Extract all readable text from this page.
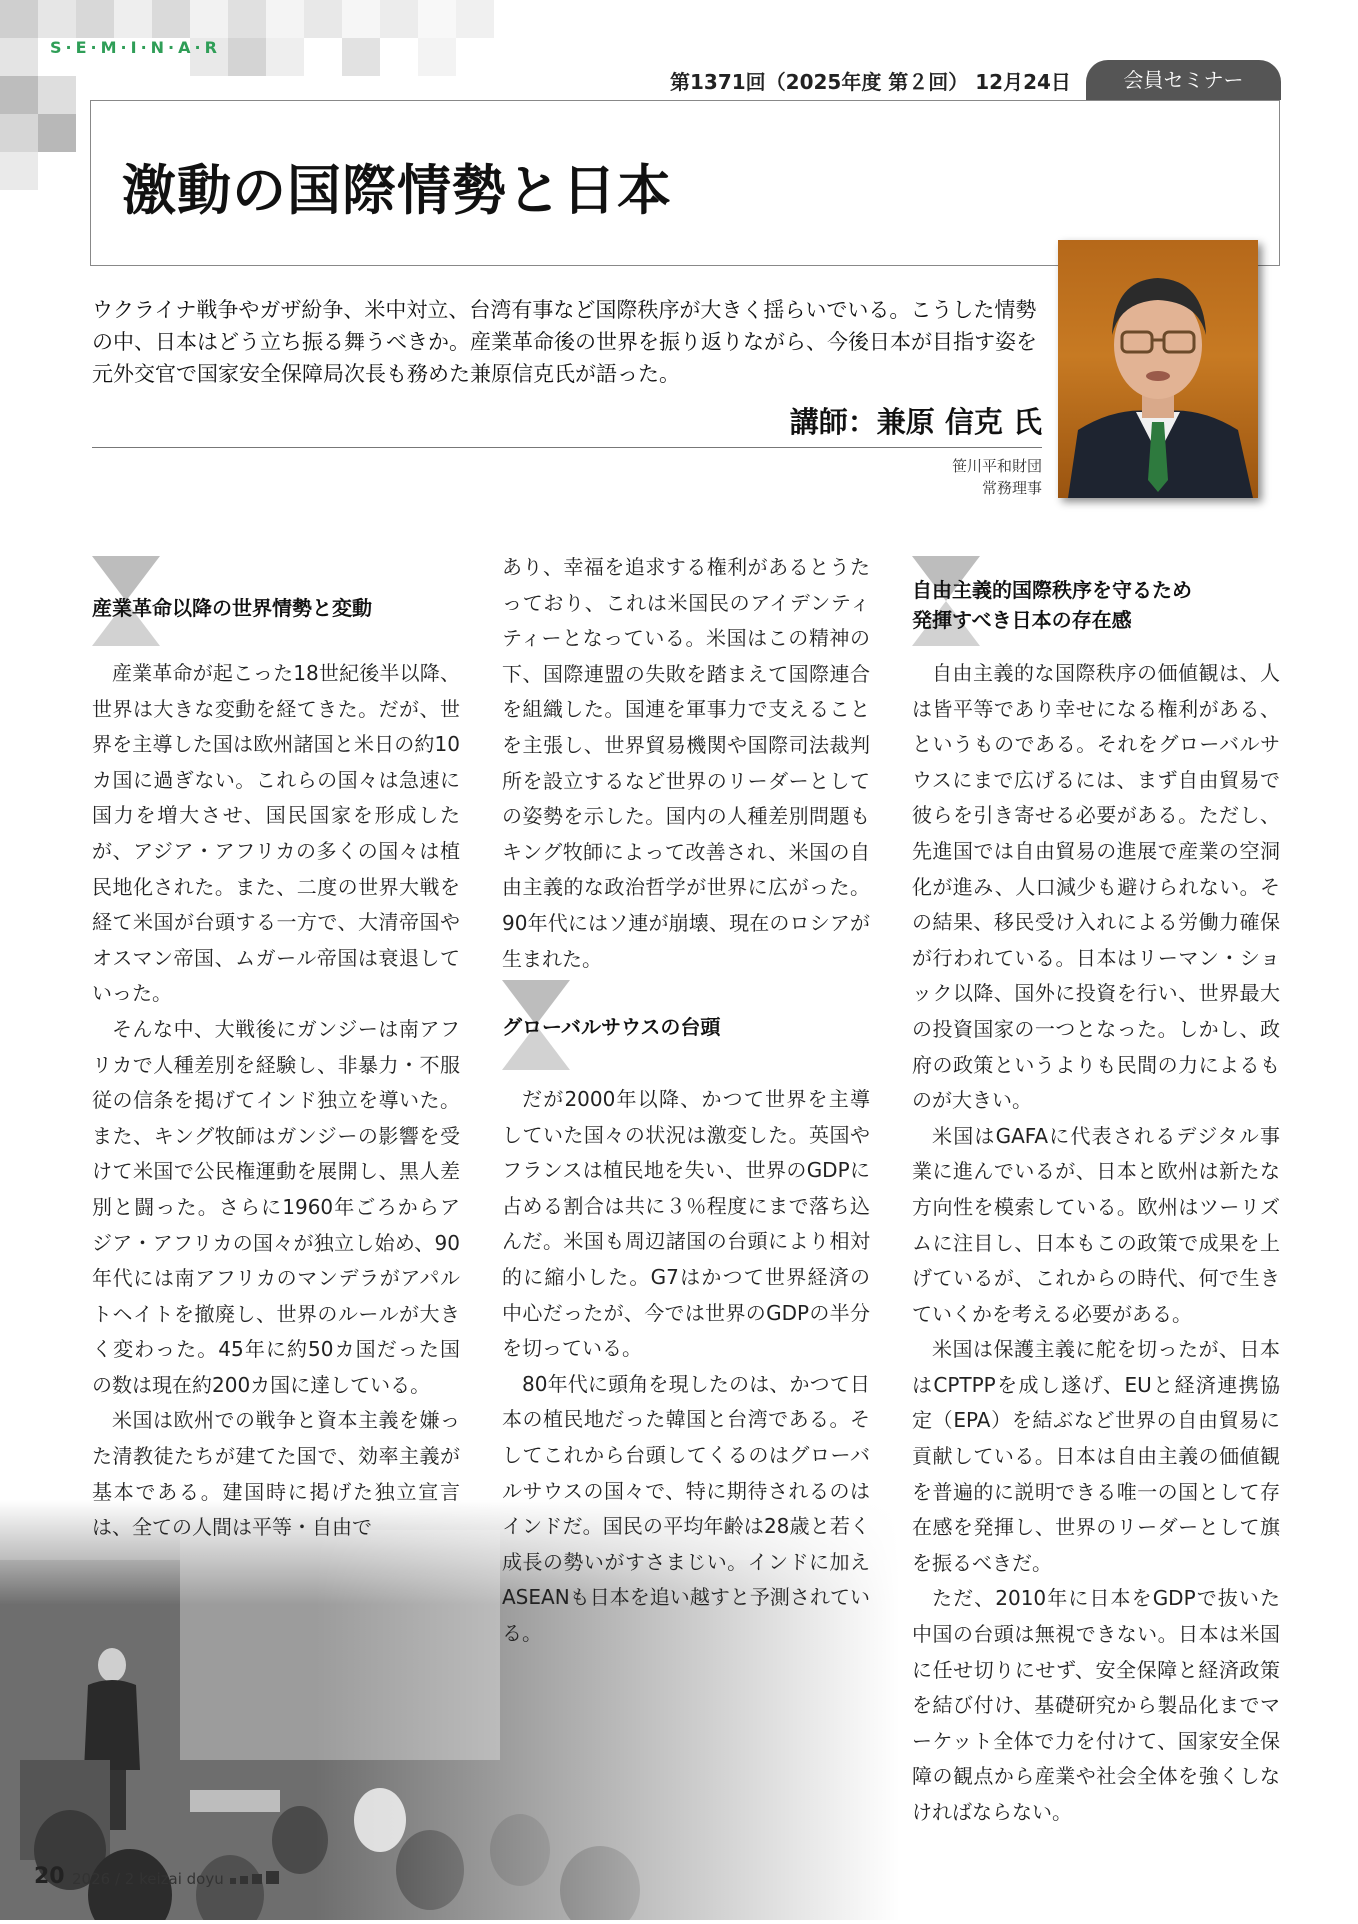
S·E·M·I·N·A·R
第1371回（2025年度 第２回） 12月24日	会員セミナー
激動の国際情勢と日本
ウクライナ戦争やガザ紛争、米中対立、台湾有事など国際秩序が大きく揺らいでいる。こうした情勢の中、日本はどう立ち振る舞うべきか。産業革命後の世界を振り返りながら、今後日本が目指す姿を元外交官で国家安全保障局次長も務めた兼原信克氏が語った。
講師：兼原 信克 氏
笹川平和財団
常務理事
産業革命以降の世界情勢と変動

産業革命が起こった18世紀後半以降、世界は大きな変動を経てきた。だが、世界を主導した国は欧州諸国と米日の約10カ国に過ぎない。これらの国々は急速に国力を増大させ、国民国家を形成したが、アジア・アフリカの多くの国々は植民地化された。また、二度の世界大戦を経て米国が台頭する一方で、大清帝国やオスマン帝国、ムガール帝国は衰退していった。

そんな中、大戦後にガンジーは南アフリカで人種差別を経験し、非暴力・不服従の信条を掲げてインド独立を導いた。また、キング牧師はガンジーの影響を受けて米国で公民権運動を展開し、黒人差別と闘った。さらに1960年ごろからアジア・アフリカの国々が独立し始め、90年代には南アフリカのマンデラがアパルトヘイトを撤廃し、世界のルールが大きく変わった。45年に約50カ国だった国の数は現在約200カ国に達している。

米国は欧州での戦争と資本主義を嫌った清教徒たちが建てた国で、効率主義が基本である。建国時に掲げた独立宣言は、全ての人間は平等・自由で

あり、幸福を追求する権利があるとうたっており、これは米国民のアイデンティティーとなっている。米国はこの精神の下、国際連盟の失敗を踏まえて国際連合を組織した。国連を軍事力で支えることを主張し、世界貿易機関や国際司法裁判所を設立するなど世界のリーダーとしての姿勢を示した。国内の人種差別問題もキング牧師によって改善され、米国の自由主義的な政治哲学が世界に広がった。90年代にはソ連が崩壊、現在のロシアが生まれた。

グローバルサウスの台頭

だが2000年以降、かつて世界を主導していた国々の状況は激変した。英国やフランスは植民地を失い、世界のGDPに占める割合は共に３％程度にまで落ち込んだ。米国も周辺諸国の台頭により相対的に縮小した。G7はかつて世界経済の中心だったが、今では世界のGDPの半分を切っている。

80年代に頭角を現したのは、かつて日本の植民地だった韓国と台湾である。そしてこれから台頭してくるのはグローバルサウスの国々で、特に期待されるのはインドだ。国民の平均年齢は28歳と若く成長の勢いがすさまじい。インドに加えASEANも日本を追い越すと予測されている。

自由主義的国際秩序を守るため
発揮すべき日本の存在感

自由主義的な国際秩序の価値観は、人は皆平等であり幸せになる権利がある、というものである。それをグローバルサウスにまで広げるには、まず自由貿易で彼らを引き寄せる必要がある。ただし、先進国では自由貿易の進展で産業の空洞化が進み、人口減少も避けられない。その結果、移民受け入れによる労働力確保が行われている。日本はリーマン・ショック以降、国外に投資を行い、世界最大の投資国家の一つとなった。しかし、政府の政策というよりも民間の力によるものが大きい。

米国はGAFAに代表されるデジタル事業に進んでいるが、日本と欧州は新たな方向性を模索している。欧州はツーリズムに注目し、日本もこの政策で成果を上げているが、これからの時代、何で生きていくかを考える必要がある。

米国は保護主義に舵を切ったが、日本はCPTPPを成し遂げ、EUと経済連携協定（EPA）を結ぶなど世界の自由貿易に貢献している。日本は自由主義の価値観を普遍的に説明できる唯一の国として存在感を発揮し、世界のリーダーとして旗を振るべきだ。

ただ、2010年に日本をGDPで抜いた中国の台頭は無視できない。日本は米国に任せ切りにせず、安全保障と経済政策を結び付け、基礎研究から製品化までマーケット全体で力を付けて、国家安全保障の観点から産業や社会全体を強くしなければならない。

20 2026 / 2 keizai doyu
